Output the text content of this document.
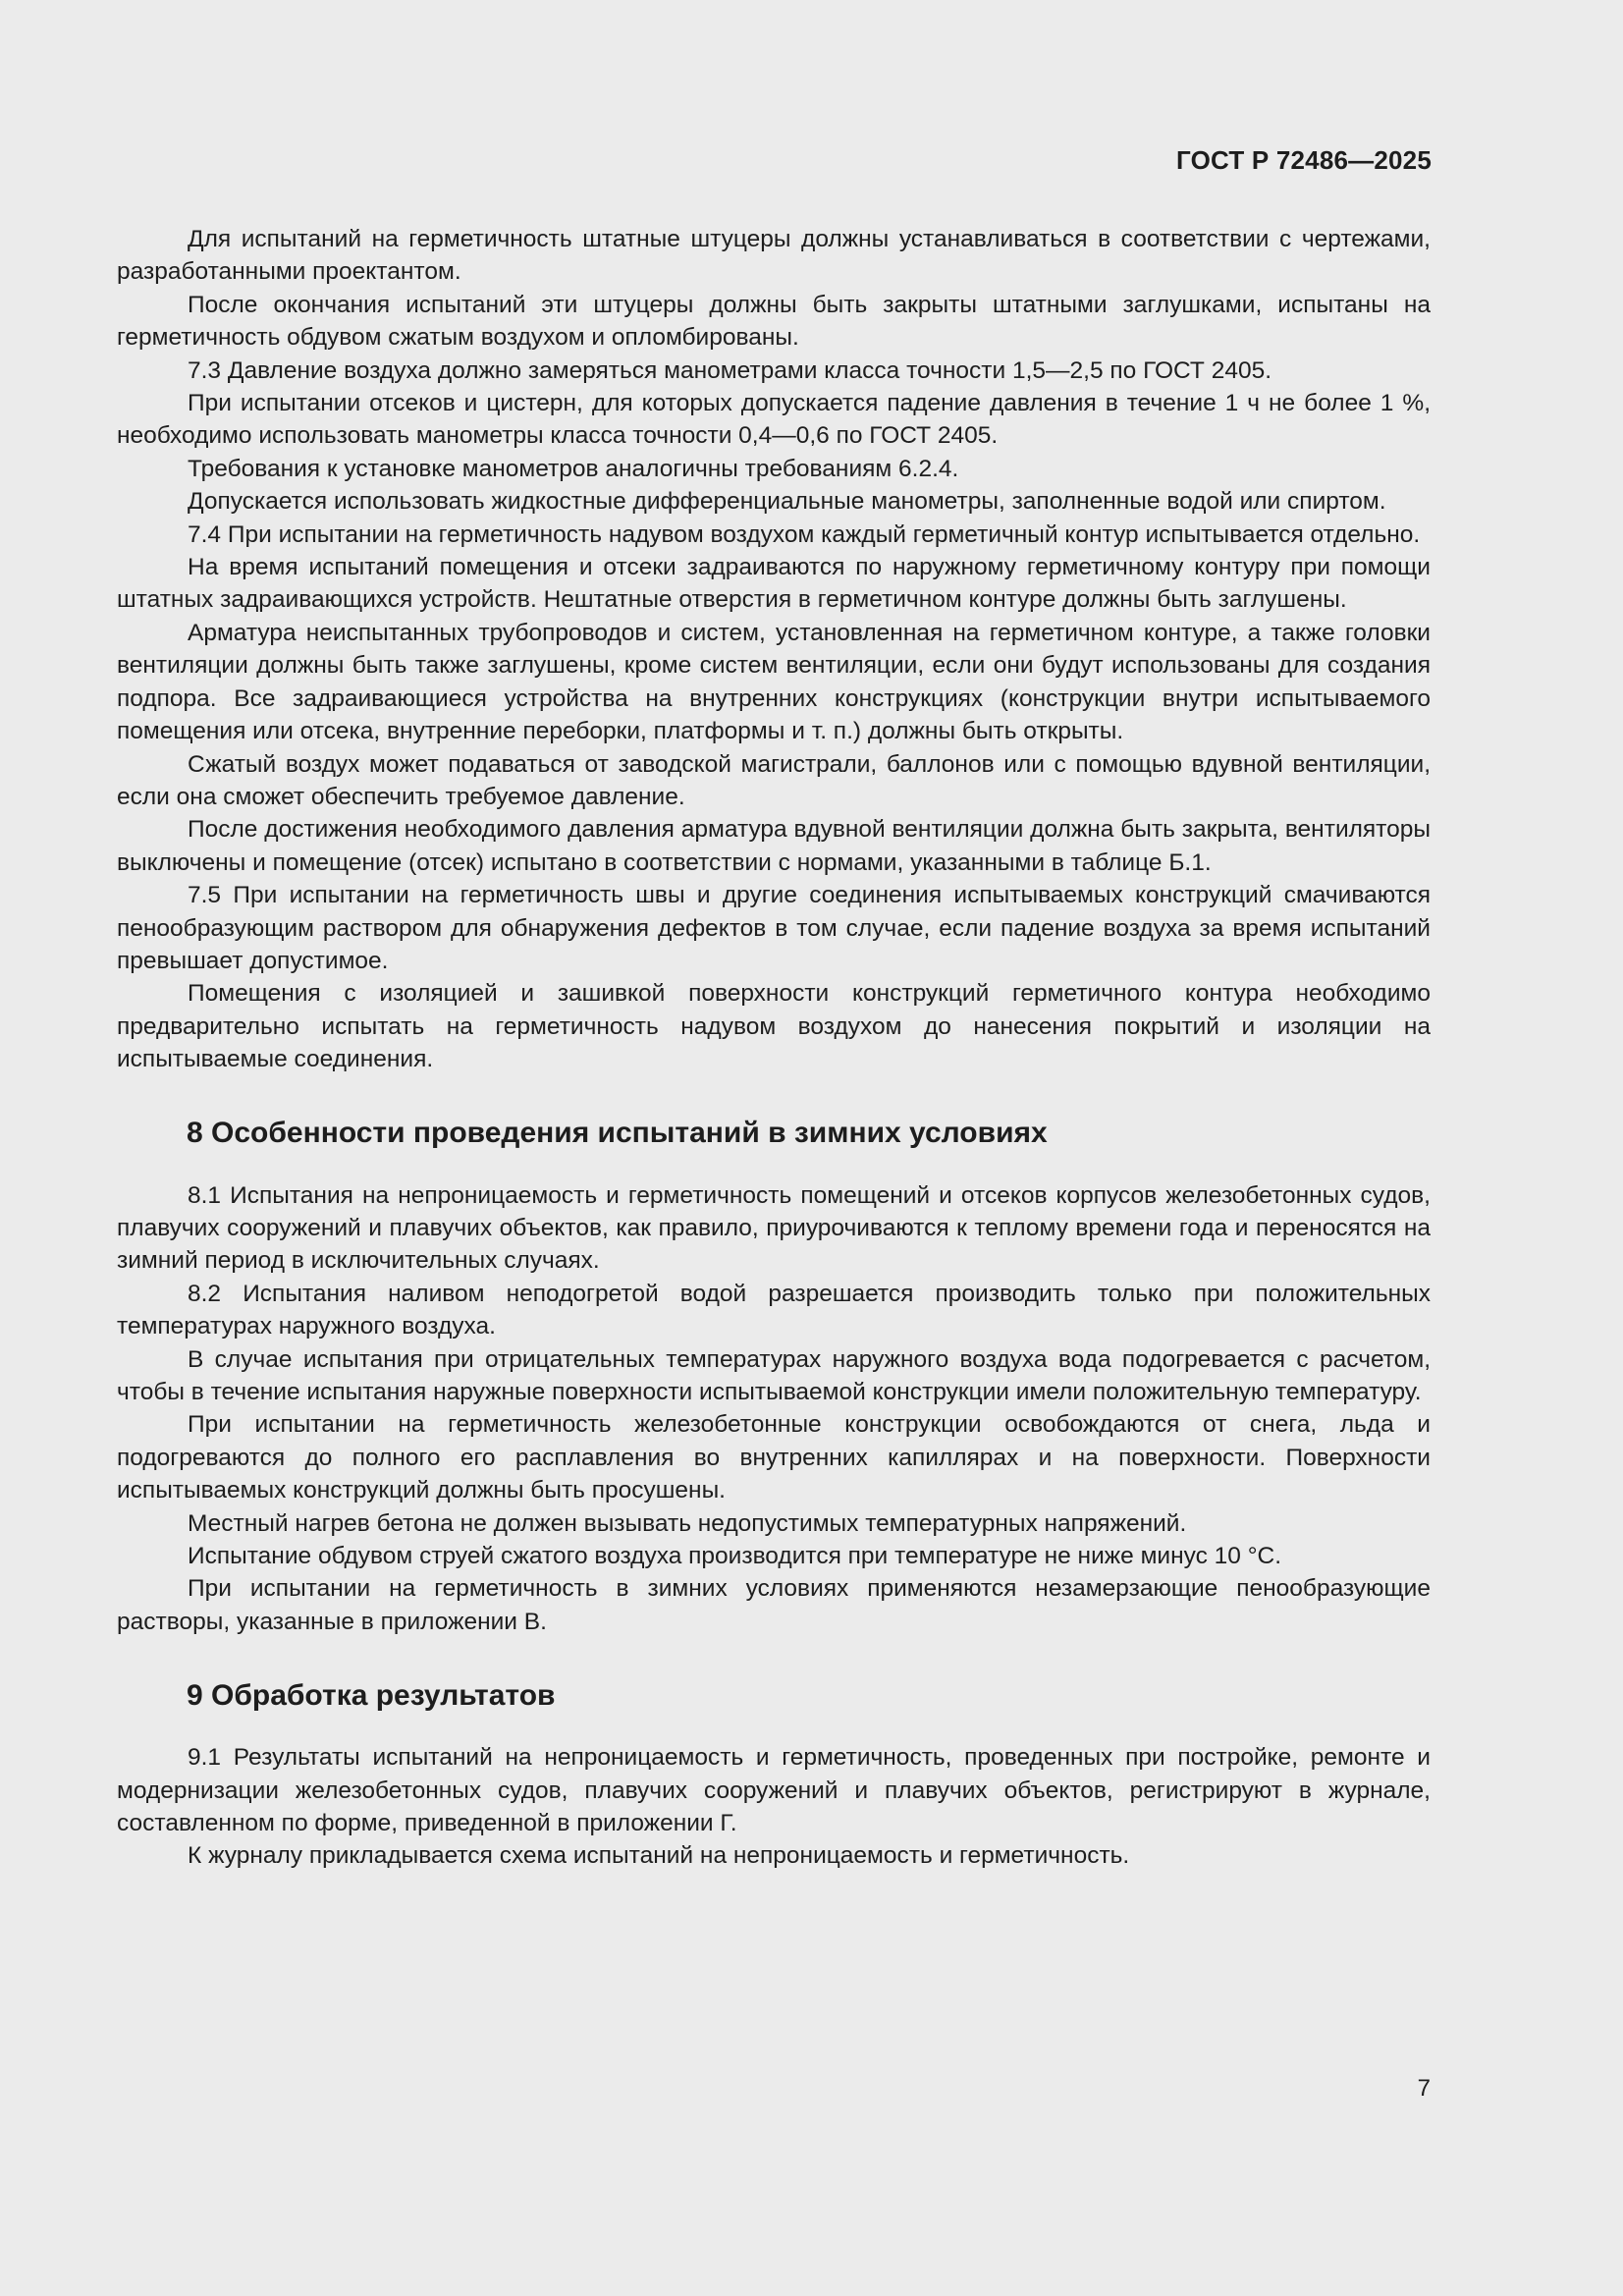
ГОСТ Р 72486—2025

Для испытаний на герметичность штатные штуцеры должны устанавливаться в соответствии с чертежами, разработанными проектантом.

После окончания испытаний эти штуцеры должны быть закрыты штатными заглушками, испытаны на герметичность обдувом сжатым воздухом и опломбированы.

7.3 Давление воздуха должно замеряться манометрами класса точности 1,5—2,5 по ГОСТ 2405.

При испытании отсеков и цистерн, для которых допускается падение давления в течение 1 ч не более 1 %, необходимо использовать манометры класса точности 0,4—0,6 по ГОСТ 2405.

Требования к установке манометров аналогичны требованиям 6.2.4.

Допускается использовать жидкостные дифференциальные манометры, заполненные водой или спиртом.

7.4 При испытании на герметичность надувом воздухом каждый герметичный контур испытывается отдельно.

На время испытаний помещения и отсеки задраиваются по наружному герметичному контуру при помощи штатных задраивающихся устройств. Нештатные отверстия в герметичном контуре должны быть заглушены.

Арматура неиспытанных трубопроводов и систем, установленная на герметичном контуре, а также головки вентиляции должны быть также заглушены, кроме систем вентиляции, если они будут использованы для создания подпора. Все задраивающиеся устройства на внутренних конструкциях (конструкции внутри испытываемого помещения или отсека, внутренние переборки, платформы и т. п.) должны быть открыты.

Сжатый воздух может подаваться от заводской магистрали, баллонов или с помощью вдувной вентиляции, если она сможет обеспечить требуемое давление.

После достижения необходимого давления арматура вдувной вентиляции должна быть закрыта, вентиляторы выключены и помещение (отсек) испытано в соответствии с нормами, указанными в таблице Б.1.

7.5 При испытании на герметичность швы и другие соединения испытываемых конструкций смачиваются пенообразующим раствором для обнаружения дефектов в том случае, если падение воздуха за время испытаний превышает допустимое.

Помещения с изоляцией и зашивкой поверхности конструкций герметичного контура необходимо предварительно испытать на герметичность надувом воздухом до нанесения покрытий и изоляции на испытываемые соединения.

8 Особенности проведения испытаний в зимних условиях

8.1 Испытания на непроницаемость и герметичность помещений и отсеков корпусов железобетонных судов, плавучих сооружений и плавучих объектов, как правило, приурочиваются к теплому времени года и переносятся на зимний период в исключительных случаях.

8.2 Испытания наливом неподогретой водой разрешается производить только при положительных температурах наружного воздуха.

В случае испытания при отрицательных температурах наружного воздуха вода подогревается с расчетом, чтобы в течение испытания наружные поверхности испытываемой конструкции имели положительную температуру.

При испытании на герметичность железобетонные конструкции освобождаются от снега, льда и подогреваются до полного его расплавления во внутренних капиллярах и на поверхности. Поверхности испытываемых конструкций должны быть просушены.

Местный нагрев бетона не должен вызывать недопустимых температурных напряжений.

Испытание обдувом струей сжатого воздуха производится при температуре не ниже минус 10 °С.

При испытании на герметичность в зимних условиях применяются незамерзающие пенообразующие растворы, указанные в приложении В.

9 Обработка результатов

9.1 Результаты испытаний на непроницаемость и герметичность, проведенных при постройке, ремонте и модернизации железобетонных судов, плавучих сооружений и плавучих объектов, регистрируют в журнале, составленном по форме, приведенной в приложении Г.

К журналу прикладывается схема испытаний на непроницаемость и герметичность.

7
